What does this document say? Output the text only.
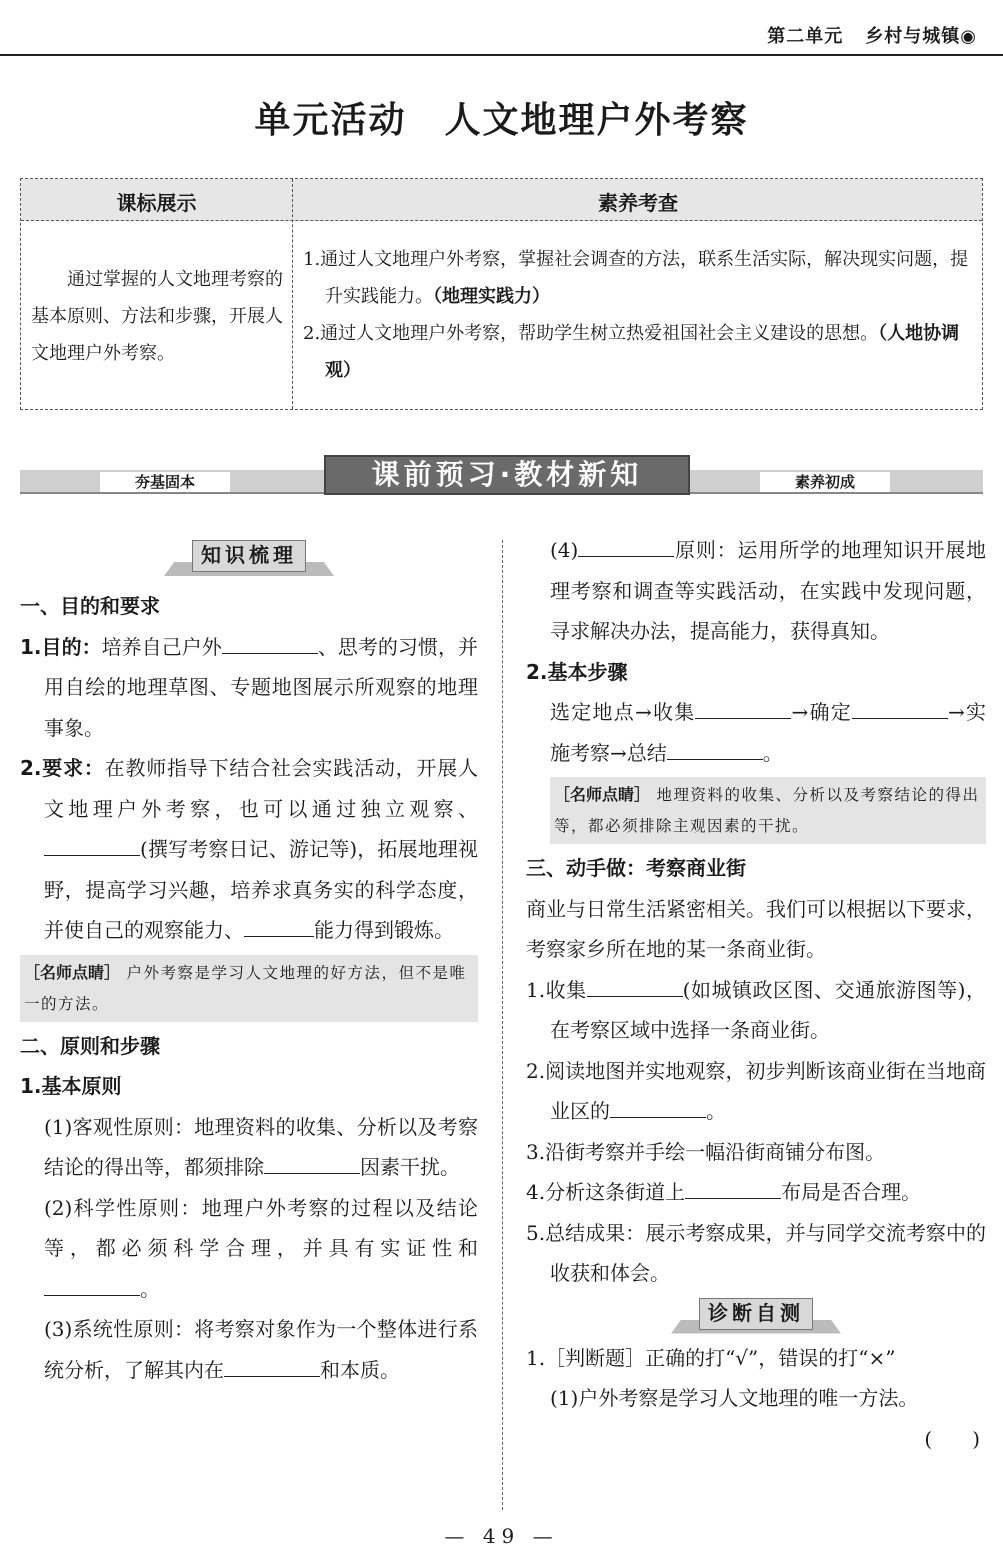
第二单元 乡村与城镇◉
单元活动　人文地理户外考察
课标展示	素养考查
通过掌握的人文地理考察的基本原则、方法和步骤，开展人文地理户外考察。

1.通过人文地理户外考察，掌握社会调查的方法，联系生活实际，解决现实问题，提升实践能力。（地理实践力）

2.通过人文地理户外考察，帮助学生树立热爱祖国社会主义建设的思想。（人地协调观）

夯基固本	素养初成
课前预习·教材新知
知识梳理
一、目的和要求
1.目的：培养自己户外	、思考的习惯，并用自绘的地理草图、专题地图展示所观察的地理事象。
2.要求：在教师指导下结合社会实践活动，开展人文地理户外考察，也可以通过独立观察、(撰写考察日记、游记等)，拓展地理视野，提高学习兴趣，培养求真务实的科学态度，并使自己的观察能力、	能力得到锻炼。
［名师点睛］ 户外考察是学习人文地理的好方法，但不是唯一的方法。
二、原则和步骤
1.基本原则
(1)客观性原则：地理资料的收集、分析以及考察结论的得出等，都须排除	因素干扰。
(2)科学性原则：地理户外考察的过程以及结论等，都必须科学合理，并具有实证性和。
(3)系统性原则：将考察对象作为一个整体进行系统分析，了解其内在	和本质。
(4)	原则：运用所学的地理知识开展地理考察和调查等实践活动，在实践中发现问题，寻求解决办法，提高能力，获得真知。
2.基本步骤
选定地点→收集	→确定	→实施考察→总结	。
［名师点睛］ 地理资料的收集、分析以及考察结论的得出等，都必须排除主观因素的干扰。
三、动手做：考察商业街
商业与日常生活紧密相关。我们可以根据以下要求，考察家乡所在地的某一条商业街。
1.收集	(如城镇政区图、交通旅游图等)，在考察区域中选择一条商业街。
2.阅读地图并实地观察，初步判断该商业街在当地商业区的	。
3.沿街考察并手绘一幅沿街商铺分布图。
4.分析这条街道上	布局是否合理。
5.总结成果：展示考察成果，并与同学交流考察中的收获和体会。
诊断自测
1.［判断题］正确的打“√”，错误的打“×”
(1)户外考察是学习人文地理的唯一方法。
(　　)
— 49 —
